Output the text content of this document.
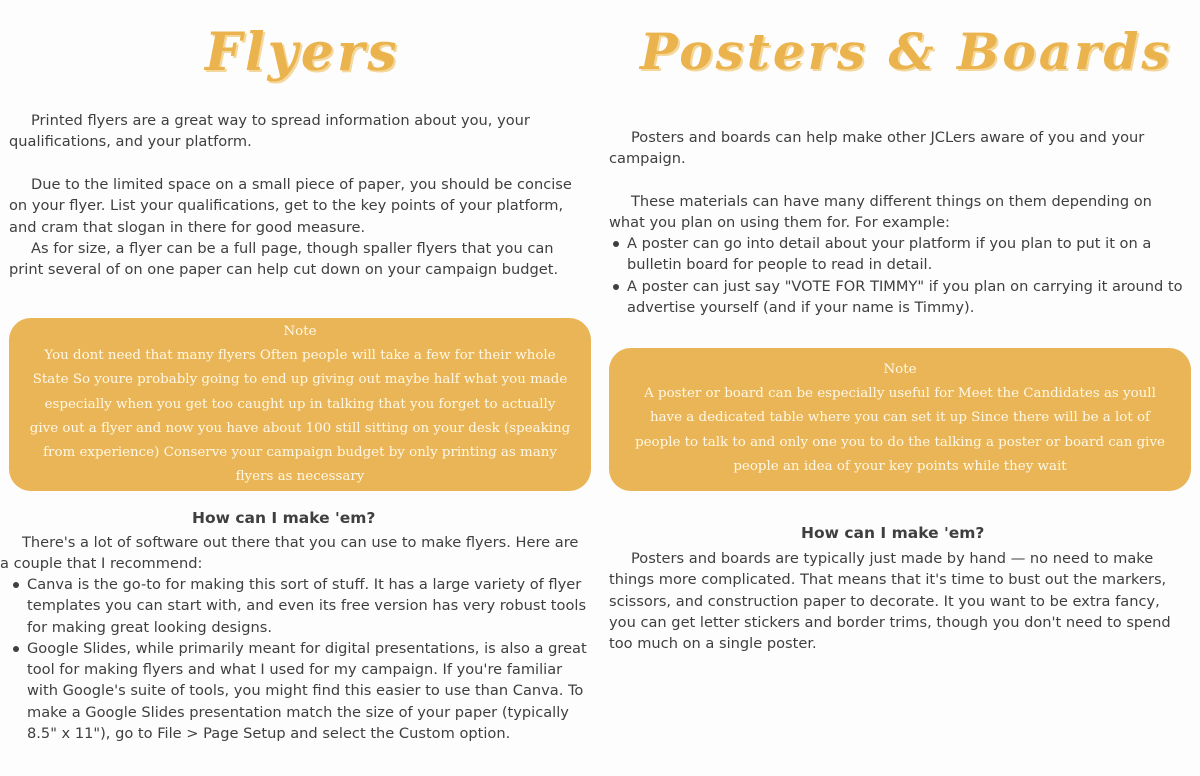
Flyers

Printed flyers are a great way to spread information about you, your qualifications, and your platform.

Due to the limited space on a small piece of paper, you should be concise on your flyer. List your qualifications, get to the key points of your platform, and cram that slogan in there for good measure.

As for size, a flyer can be a full page, though spaller flyers that you can print several of on one paper can help cut down on your campaign budget.

Note
You dont need that many flyers Often people will take a few for their whole State So youre probably going to end up giving out maybe half what you made especially when you get too caught up in talking that you forget to actually give out a flyer and now you have about 100 still sitting on your desk (speaking from experience) Conserve your campaign budget by only printing as many flyers as necessary
How can I make 'em?

There's a lot of software out there that you can use to make flyers. Here are a couple that I recommend:

Canva is the go-to for making this sort of stuff. It has a large variety of flyer templates you can start with, and even its free version has very robust tools for making great looking designs.
Google Slides, while primarily meant for digital presentations, is also a great tool for making flyers and what I used for my campaign. If you're familiar with Google's suite of tools, you might find this easier to use than Canva. To make a Google Slides presentation match the size of your paper (typically 8.5" x 11"), go to File > Page Setup and select the Custom option.
Posters & Boards

Posters and boards can help make other JCLers aware of you and your campaign.

These materials can have many different things on them depending on what you plan on using them for. For example:

A poster can go into detail about your platform if you plan to put it on a bulletin board for people to read in detail.
A poster can just say "VOTE FOR TIMMY" if you plan on carrying it around to advertise yourself (and if your name is Timmy).
Note
A poster or board can be especially useful for Meet the Candidates as youll have a dedicated table where you can set it up Since there will be a lot of people to talk to and only one you to do the talking a poster or board can give people an idea of your key points while they wait
How can I make 'em?

Posters and boards are typically just made by hand — no need to make things more complicated. That means that it's time to bust out the markers, scissors, and construction paper to decorate. It you want to be extra fancy, you can get letter stickers and border trims, though you don't need to spend too much on a single poster.
